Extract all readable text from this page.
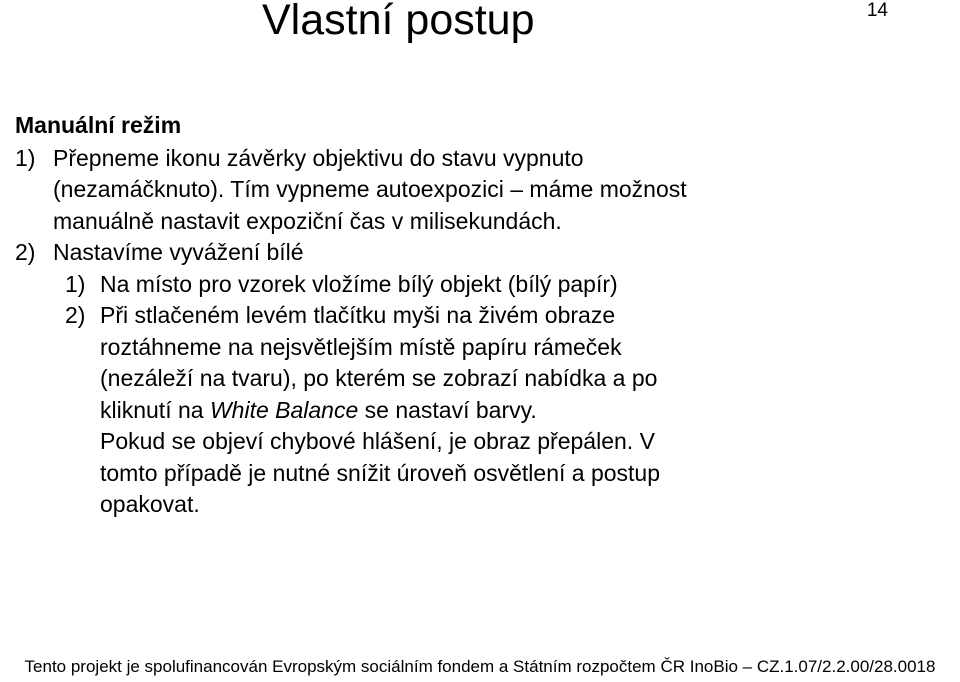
Vlastní postup	14
Manuální režim
1) Přepneme ikonu závěrky objektivu do stavu vypnuto
(nezamáčknuto). Tím vypneme autoexpozici – máme možnost
manuálně nastavit expoziční čas v milisekundách.
2) Nastavíme vyvážení bílé
1) Na místo pro vzorek vložíme bílý objekt (bílý papír)
2) Při stlačeném levém tlačítku myši na živém obraze
roztáhneme na nejsvětlejším místě papíru rámeček
(nezáleží na tvaru), po kterém se zobrazí nabídka a po
kliknutí na White Balance se nastaví barvy.
Pokud se objeví chybové hlášení, je obraz přepálen. V
tomto případě je nutné snížit úroveň osvětlení a postup
opakovat.
Tento projekt je spolufinancován Evropským sociálním fondem a Státním rozpočtem ČR InoBio – CZ.1.07/2.2.00/28.0018
